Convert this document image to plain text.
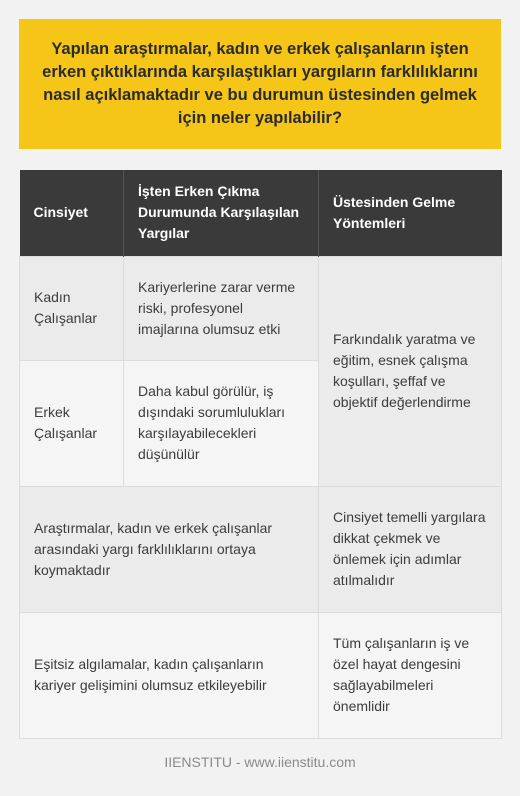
Yapılan araştırmalar, kadın ve erkek çalışanların işten erken çıktıklarında karşılaştıkları yargıların farklılıklarını nasıl açıklamaktadır ve bu durumun üstesinden gelmek için neler yapılabilir?
Cinsiyet	İşten Erken Çıkma Durumunda Karşılaşılan Yargılar	Üstesinden Gelme Yöntemleri
Kadın Çalışanlar	Kariyerlerine zarar verme riski, profesyonel imajlarına olumsuz etki	Farkındalık yaratma ve eğitim, esnek çalışma koşulları, şeffaf ve objektif değerlendirme
Erkek Çalışanlar	Daha kabul görülür, iş dışındaki sorumlulukları karşılayabilecekleri düşünülür	
Araştırmalar, kadın ve erkek çalışanlar arasındaki yargı farklılıklarını ortaya koymaktadır		Cinsiyet temelli yargılara dikkat çekmek ve önlemek için adımlar atılmalıdır
Eşitsiz algılamalar, kadın çalışanların kariyer gelişimini olumsuz etkileyebilir		Tüm çalışanların iş ve özel hayat dengesini sağlayabilmeleri önemlidir
IIENSTITU - www.iienstitu.com
